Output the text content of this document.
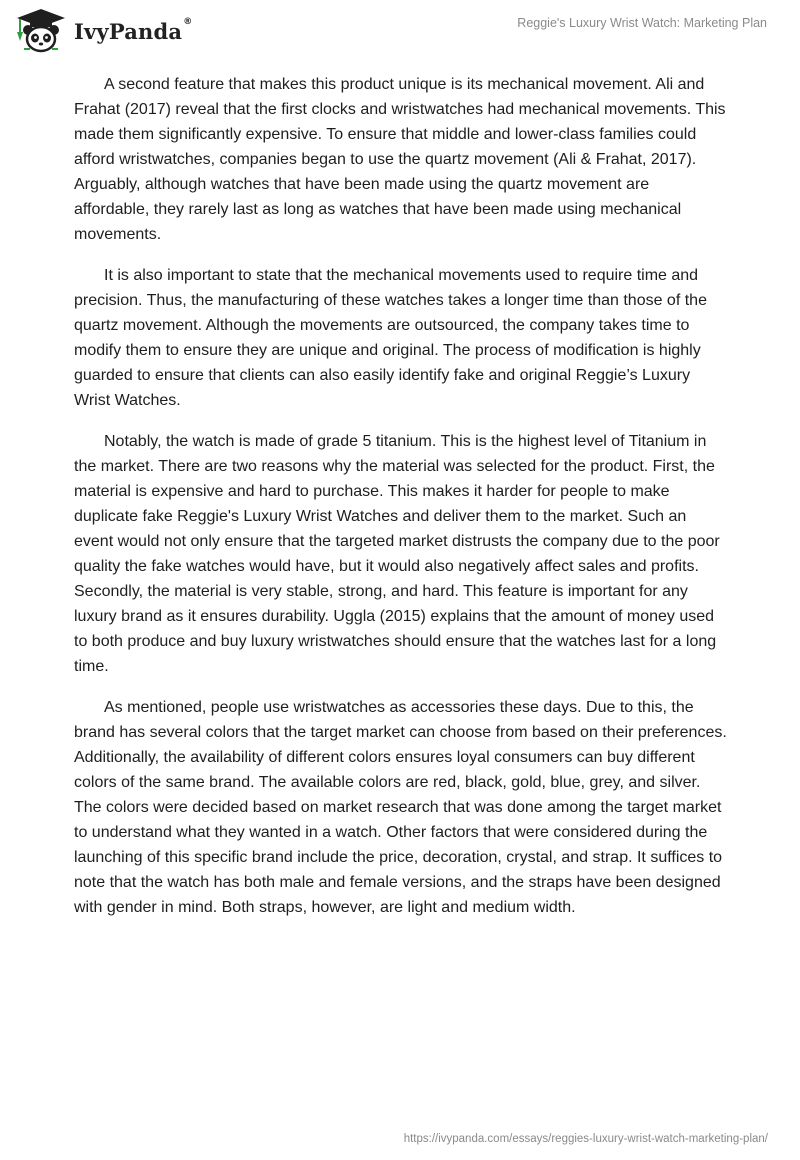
IvyPanda ®	Reggie's Luxury Wrist Watch: Marketing Plan

A second feature that makes this product unique is its mechanical movement. Ali and Frahat (2017) reveal that the first clocks and wristwatches had mechanical movements. This made them significantly expensive. To ensure that middle and lower-class families could afford wristwatches, companies began to use the quartz movement (Ali & Frahat, 2017). Arguably, although watches that have been made using the quartz movement are affordable, they rarely last as long as watches that have been made using mechanical movements.

It is also important to state that the mechanical movements used to require time and precision. Thus, the manufacturing of these watches takes a longer time than those of the quartz movement. Although the movements are outsourced, the company takes time to modify them to ensure they are unique and original. The process of modification is highly guarded to ensure that clients can also easily identify fake and original Reggie’s Luxury Wrist Watches.

Notably, the watch is made of grade 5 titanium. This is the highest level of Titanium in the market. There are two reasons why the material was selected for the product. First, the material is expensive and hard to purchase. This makes it harder for people to make duplicate fake Reggie's Luxury Wrist Watches and deliver them to the market. Such an event would not only ensure that the targeted market distrusts the company due to the poor quality the fake watches would have, but it would also negatively affect sales and profits. Secondly, the material is very stable, strong, and hard. This feature is important for any luxury brand as it ensures durability. Uggla (2015) explains that the amount of money used to both produce and buy luxury wristwatches should ensure that the watches last for a long time.

As mentioned, people use wristwatches as accessories these days. Due to this, the brand has several colors that the target market can choose from based on their preferences. Additionally, the availability of different colors ensures loyal consumers can buy different colors of the same brand. The available colors are red, black, gold, blue, grey, and silver. The colors were decided based on market research that was done among the target market to understand what they wanted in a watch. Other factors that were considered during the launching of this specific brand include the price, decoration, crystal, and strap. It suffices to note that the watch has both male and female versions, and the straps have been designed with gender in mind. Both straps, however, are light and medium width.

https://ivypanda.com/essays/reggies-luxury-wrist-watch-marketing-plan/
